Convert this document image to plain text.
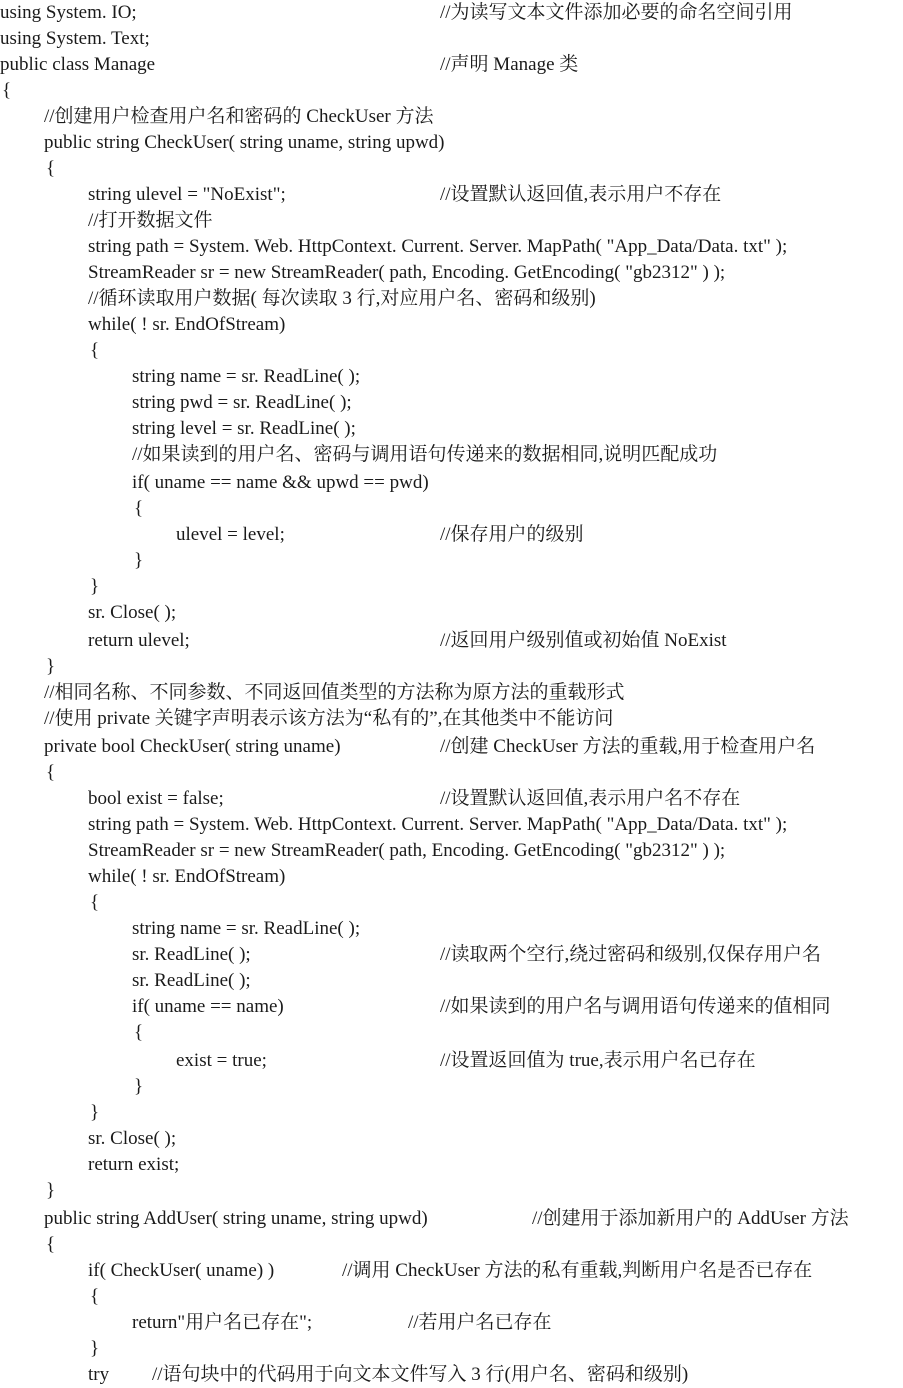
using System. IO;	//为读写文本文件添加必要的命名空间引用
using System. Text;
public class Manage	//声明 Manage 类
{
//创建用户检查用户名和密码的 CheckUser 方法
public string CheckUser( string uname, string upwd)
{
string ulevel = "NoExist";	//设置默认返回值,表示用户不存在
//打开数据文件
string path = System. Web. HttpContext. Current. Server. MapPath( "App_Data/Data. txt" );
StreamReader sr = new StreamReader( path, Encoding. GetEncoding( "gb2312" ) );
//循环读取用户数据( 每次读取 3 行,对应用户名、密码和级别)
while( ! sr. EndOfStream)
{
string name = sr. ReadLine( );
string pwd = sr. ReadLine( );
string level = sr. ReadLine( );
//如果读到的用户名、密码与调用语句传递来的数据相同,说明匹配成功
if( uname == name && upwd == pwd)
{
ulevel = level;	//保存用户的级别
}
}
sr. Close( );
return ulevel;	//返回用户级别值或初始值 NoExist
}
//相同名称、不同参数、不同返回值类型的方法称为原方法的重载形式
//使用 private 关键字声明表示该方法为“私有的”,在其他类中不能访问
private bool CheckUser( string uname)	//创建 CheckUser 方法的重载,用于检查用户名
{
bool exist = false;	//设置默认返回值,表示用户名不存在
string path = System. Web. HttpContext. Current. Server. MapPath( "App_Data/Data. txt" );
StreamReader sr = new StreamReader( path, Encoding. GetEncoding( "gb2312" ) );
while( ! sr. EndOfStream)
{
string name = sr. ReadLine( );
sr. ReadLine( );	//读取两个空行,绕过密码和级别,仅保存用户名
sr. ReadLine( );
if( uname == name)	//如果读到的用户名与调用语句传递来的值相同
{
exist = true;	//设置返回值为 true,表示用户名已存在
}
}
sr. Close( );
return exist;
}
public string AddUser( string uname, string upwd)	//创建用于添加新用户的 AddUser 方法
{
if( CheckUser( uname) )	//调用 CheckUser 方法的私有重载,判断用户名是否已存在
{
return"用户名已存在";	//若用户名已存在
}
try //语句块中的代码用于向文本文件写入 3 行(用户名、密码和级别)
